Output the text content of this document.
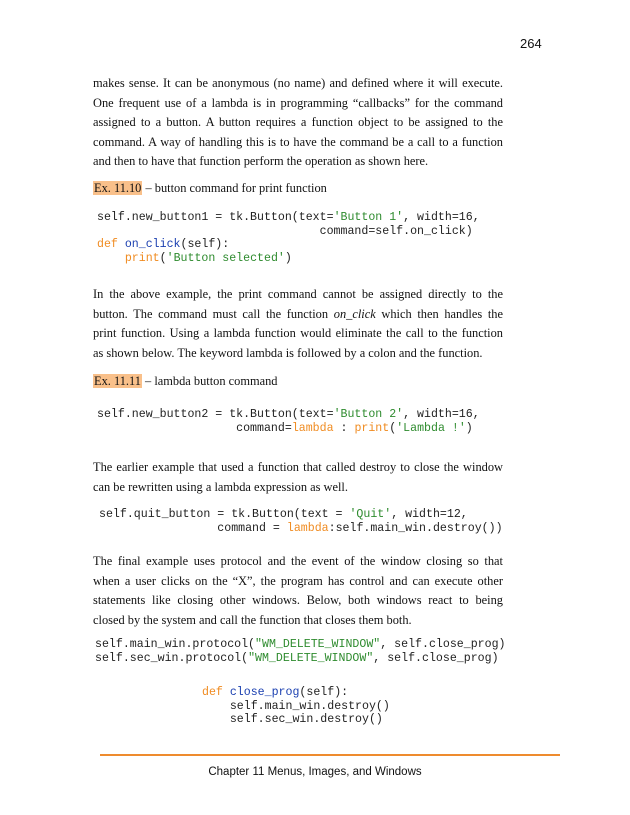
264
makes sense. It can be anonymous (no name) and defined where it will execute.
One frequent use of a lambda is in programming “callbacks” for the command
assigned to a button. A button requires a function object to be assigned to the
command. A way of handling this is to have the command be a call to a function
and then to have that function perform the operation as shown here.
Ex. 11.10 – button command for print function
self.new_button1 = tk.Button(text='Button 1', width=16,
command=self.on_click)
def on_click(self):
print('Button selected')
In the above example, the print command cannot be assigned directly to the
button. The command must call the function on_click which then handles the
print function. Using a lambda function would eliminate the call to the function
as shown below. The keyword lambda is followed by a colon and the function.
Ex. 11.11 – lambda button command
self.new_button2 = tk.Button(text='Button 2', width=16,
command=lambda : print('Lambda !')
The earlier example that used a function that called destroy to close the window
can be rewritten using a lambda expression as well.
self.quit_button = tk.Button(text = 'Quit', width=12,
command = lambda:self.main_win.destroy())
The final example uses protocol and the event of the window closing so that
when a user clicks on the “X”, the program has control and can execute other
statements like closing other windows. Below, both windows react to being
closed by the system and call the function that closes them both.
self.main_win.protocol("WM_DELETE_WINDOW", self.close_prog)
self.sec_win.protocol("WM_DELETE_WINDOW", self.close_prog)
def close_prog(self):
self.main_win.destroy()
self.sec_win.destroy()
Chapter 11 Menus, Images, and Windows
